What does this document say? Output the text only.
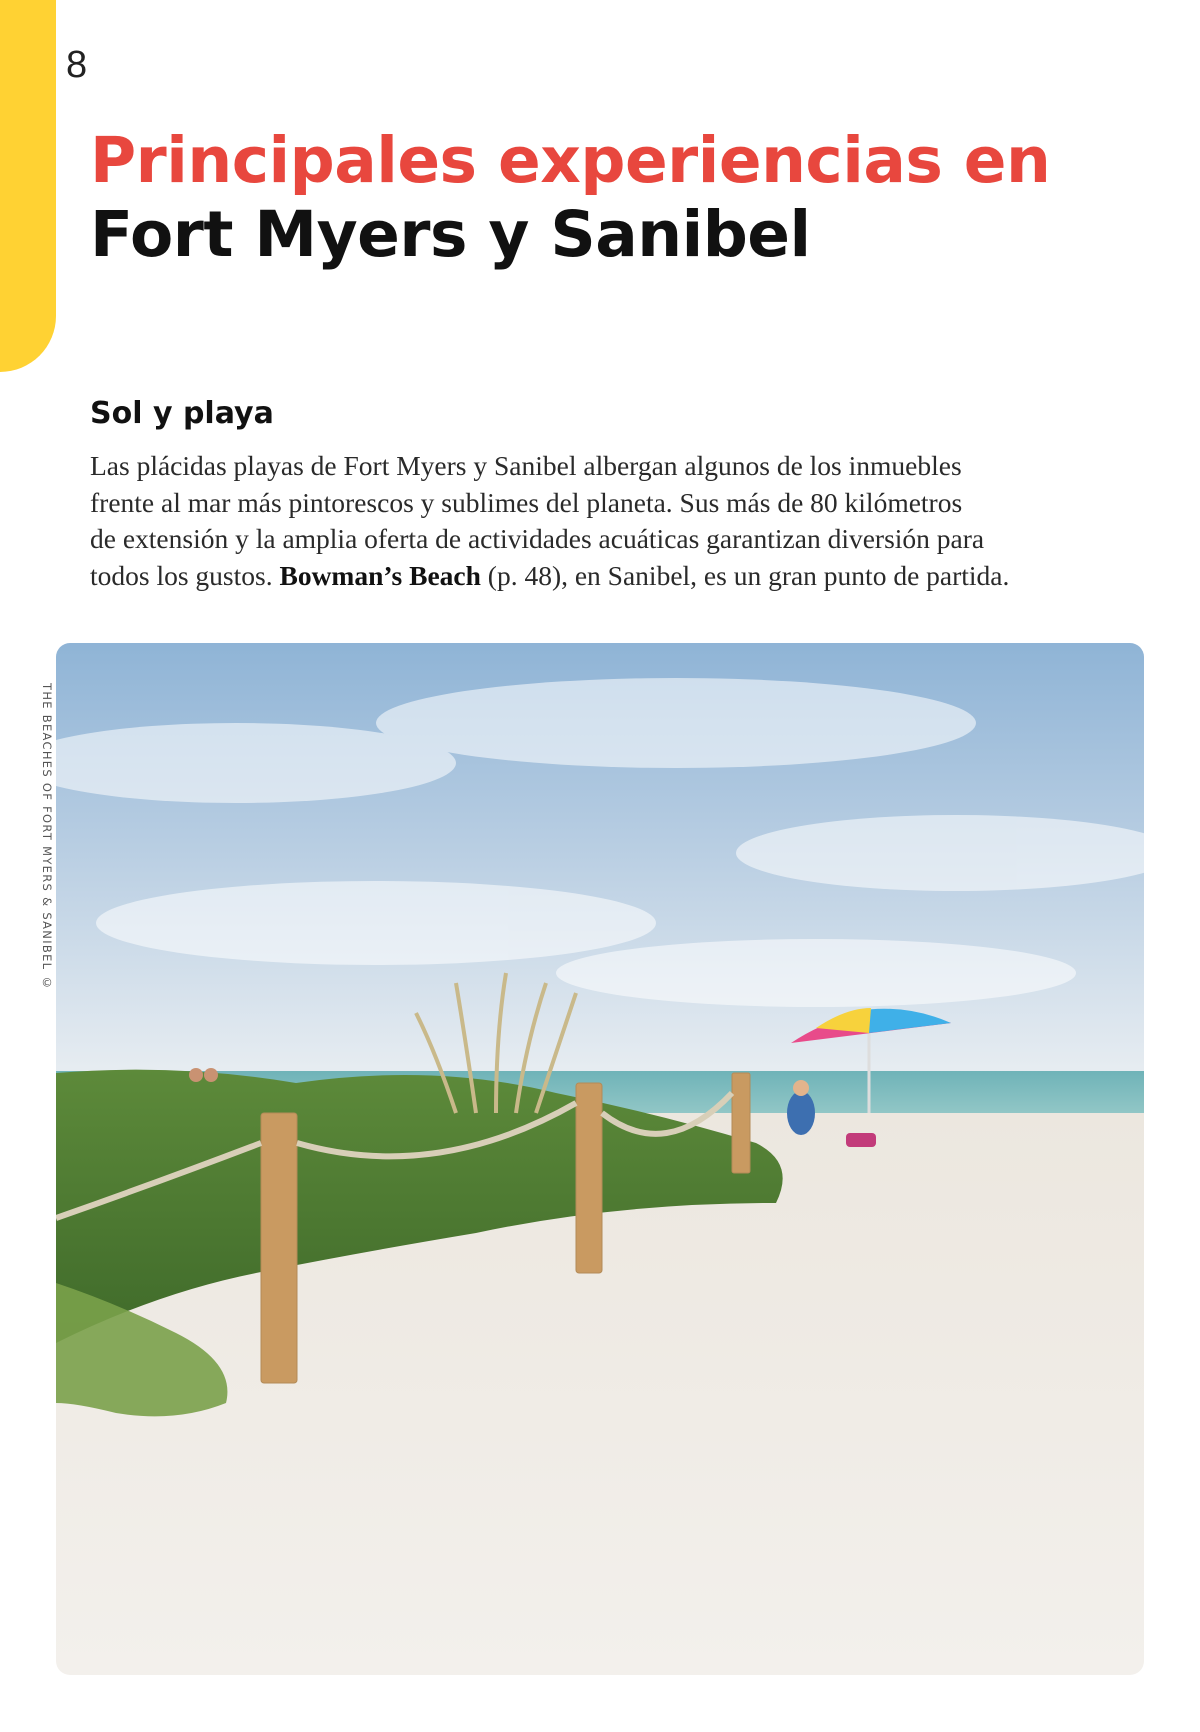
8
Principales experiencias en
Fort Myers y Sanibel
Sol y playa

Las plácidas playas de Fort Myers y Sanibel albergan algunos de los inmuebles
frente al mar más pintorescos y sublimes del planeta. Sus más de 80 kilómetros
de extensión y la amplia oferta de actividades acuáticas garantizan diversión para
todos los gustos. Bowman’s Beach (p. 48), en Sanibel, es un gran punto de partida.

THE BEACHES OF FORT MYERS & SANIBEL ©
